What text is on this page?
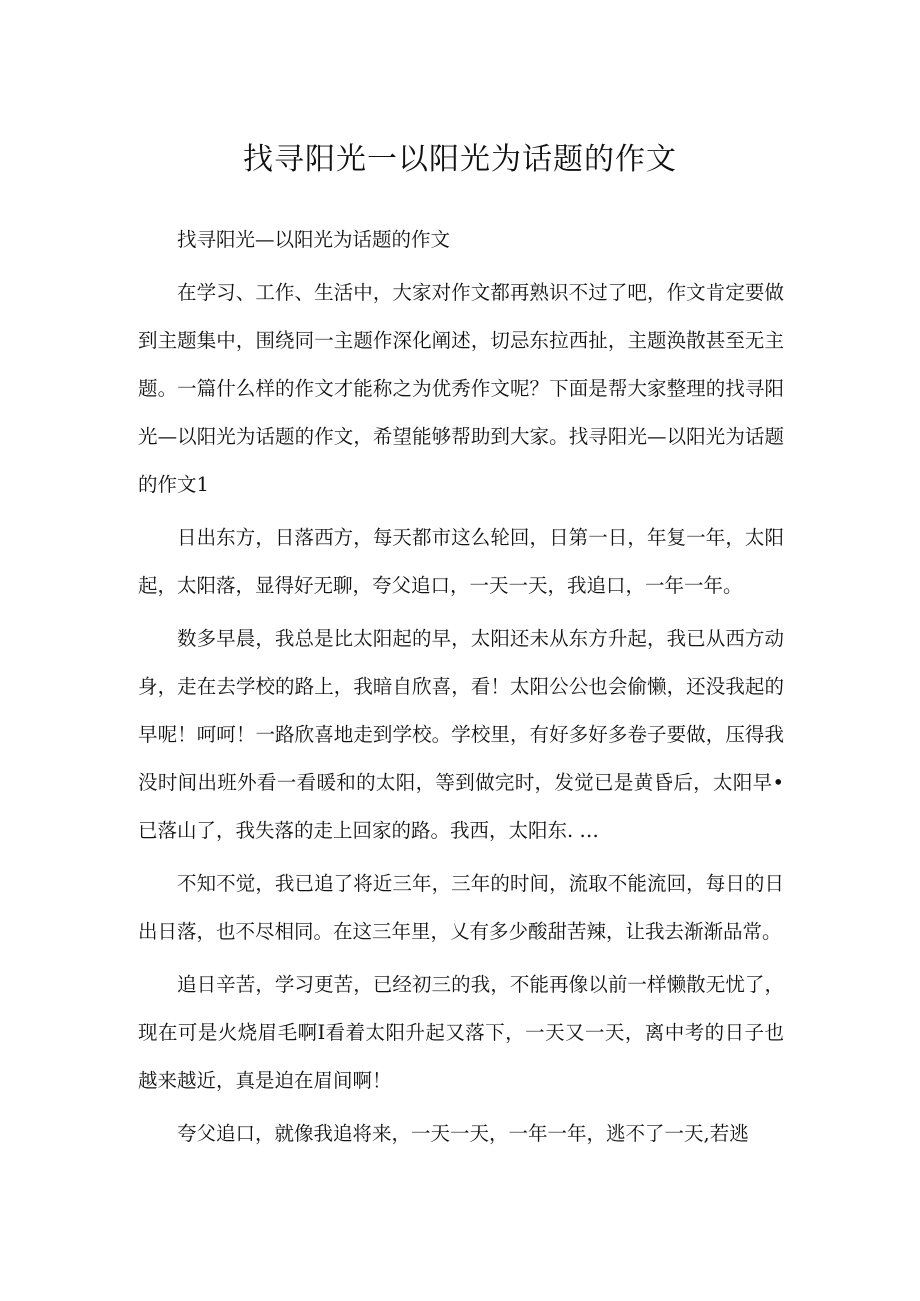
找寻阳光一以阳光为话题的作文

找寻阳光—以阳光为话题的作文

在学习、工作、生活中，大家对作文都再熟识不过了吧，作文肯定要做到主题集中，围绕同一主题作深化阐述，切忌东拉西扯，主题涣散甚至无主题。一篇什么样的作文才能称之为优秀作文呢？下面是帮大家整理的找寻阳光—以阳光为话题的作文，希望能够帮助到大家。找寻阳光—以阳光为话题的作文1

日出东方，日落西方，每天都市这么轮回，日第一日，年复一年，太阳起，太阳落，显得好无聊，夸父追口，一天一天，我追口，一年一年。

数多早晨，我总是比太阳起的早，太阳还未从东方升起，我已从西方动身，走在去学校的路上，我暗自欣喜，看！太阳公公也会偷懒，还没我起的早呢！呵呵！一路欣喜地走到学校。学校里，有好多好多卷子要做，压得我没时间出班外看一看暖和的太阳，等到做完时，发觉已是黄昏后，太阳早•已落山了，我失落的走上回家的路。我西，太阳东. …

不知不觉，我已追了将近三年，三年的时间，流取不能流回，每日的日出日落，也不尽相同。在这三年里，乂有多少酸甜苦辣，让我去渐渐品常。

追日辛苦，学习更苦，已经初三的我，不能再像以前一样懒散无忧了，现在可是火烧眉毛啊I看着太阳升起又落下，一天又一天，离中考的日子也越来越近，真是迫在眉间啊！

夸父追口，就像我追将来，一天一天，一年一年，逃不了一天,若逃
